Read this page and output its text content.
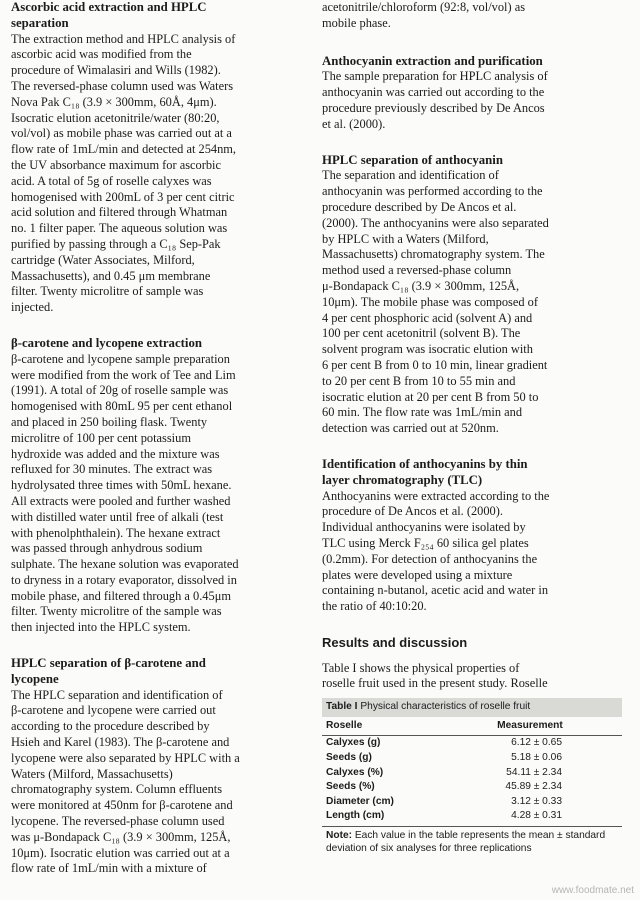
Ascorbic acid extraction and HPLC

separation

The extraction method and HPLC analysis of

ascorbic acid was modified from the

procedure of Wimalasiri and Wills (1982).

The reversed-phase column used was Waters

Nova Pak C₁₈ (3.9 × 300mm, 60Å, 4μm).

Isocratic elution acetonitrile/water (80:20,

vol/vol) as mobile phase was carried out at a

flow rate of 1mL/min and detected at 254nm,

the UV absorbance maximum for ascorbic

acid. A total of 5g of roselle calyxes was

homogenised with 200mL of 3 per cent citric

acid solution and filtered through Whatman

no. 1 filter paper. The aqueous solution was

purified by passing through a C₁₈ Sep-Pak

cartridge (Water Associates, Milford,

Massachusetts), and 0.45 μm membrane

filter. Twenty microlitre of sample was

injected.

β-carotene and lycopene extraction

β-carotene and lycopene sample preparation

were modified from the work of Tee and Lim

(1991). A total of 20g of roselle sample was

homogenised with 80mL 95 per cent ethanol

and placed in 250 boiling flask. Twenty

microlitre of 100 per cent potassium

hydroxide was added and the mixture was

refluxed for 30 minutes. The extract was

hydrolysated three times with 50mL hexane.

All extracts were pooled and further washed

with distilled water until free of alkali (test

with phenolphthalein). The hexane extract

was passed through anhydrous sodium

sulphate. The hexane solution was evaporated

to dryness in a rotary evaporator, dissolved in

mobile phase, and filtered through a 0.45μm

filter. Twenty microlitre of the sample was

then injected into the HPLC system.

HPLC separation of β-carotene and

lycopene

The HPLC separation and identification of

β-carotene and lycopene were carried out

according to the procedure described by

Hsieh and Karel (1983). The β-carotene and

lycopene were also separated by HPLC with a

Waters (Milford, Massachusetts)

chromatography system. Column effluents

were monitored at 450nm for β-carotene and

lycopene. The reversed-phase column used

was μ-Bondapack C₁₈ (3.9 × 300mm, 125Å,

10μm). Isocratic elution was carried out at a

flow rate of 1mL/min with a mixture of

acetonitrile/chloroform (92:8, vol/vol) as

mobile phase.

Anthocyanin extraction and purification

The sample preparation for HPLC analysis of

anthocyanin was carried out according to the

procedure previously described by De Ancos

et al. (2000).

HPLC separation of anthocyanin

The separation and identification of

anthocyanin was performed according to the

procedure described by De Ancos et al.

(2000). The anthocyanins were also separated

by HPLC with a Waters (Milford,

Massachusetts) chromatography system. The

method used a reversed-phase column

μ-Bondapack C₁₈ (3.9 × 300mm, 125Å,

10μm). The mobile phase was composed of

4 per cent phosphoric acid (solvent A) and

100 per cent acetonitril (solvent B). The

solvent program was isocratic elution with

6 per cent B from 0 to 10 min, linear gradient

to 20 per cent B from 10 to 55 min and

isocratic elution at 20 per cent B from 50 to

60 min. The flow rate was 1mL/min and

detection was carried out at 520nm.

Identification of anthocyanins by thin

layer chromatography (TLC)

Anthocyanins were extracted according to the

procedure of De Ancos et al. (2000).

Individual anthocyanins were isolated by

TLC using Merck F₂₅₄ 60 silica gel plates

(0.2mm). For detection of anthocyanins the

plates were developed using a mixture

containing n-butanol, acetic acid and water in

the ratio of 40:10:20.

Results and discussion

Table I shows the physical properties of

roselle fruit used in the present study. Roselle

Table I Physical characteristics of roselle fruit

Roselle	Measurement
Calyxes (g)	6.12 ± 0.65
Seeds (g)	5.18 ± 0.06
Calyxes (%)	54.11 ± 2.34
Seeds (%)	45.89 ± 2.34
Diameter (cm)	3.12 ± 0.33
Length (cm)	4.28 ± 0.31

Note: Each value in the table represents the mean ± standard deviation of six analyses for three replications

www.foodmate.net
